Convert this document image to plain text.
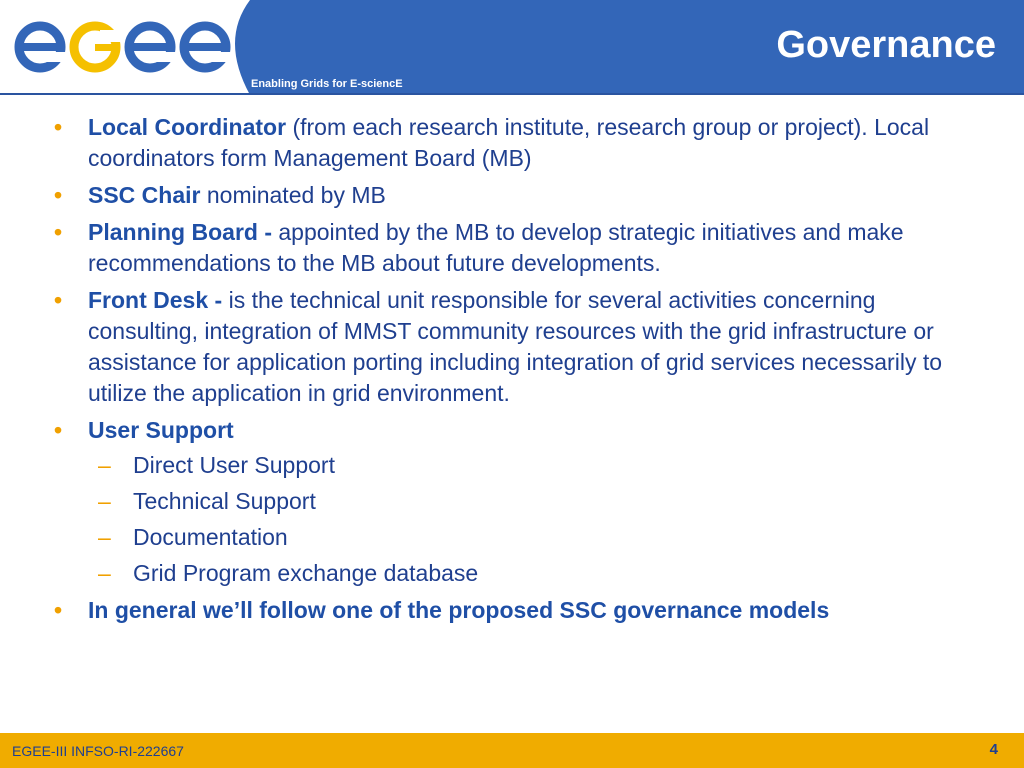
Enabling Grids for E-sciencE
Governance
• Local Coordinator (from each research institute, research group or project). Local coordinators form Management Board (MB)
• SSC Chair nominated by MB
• Planning Board - appointed by the MB to develop strategic initiatives and make recommendations to the MB about future developments.
• Front Desk - is the technical unit responsible for several activities concerning consulting, integration of MMST community resources with the grid infrastructure or assistance for application porting including integration of grid services necessarily to utilize the application in grid environment.
• User Support
– Direct User Support
– Technical Support
– Documentation
– Grid Program exchange database
• In general we’ll follow one of the proposed SSC governance models
EGEE-III INFSO-RI-222667	4
